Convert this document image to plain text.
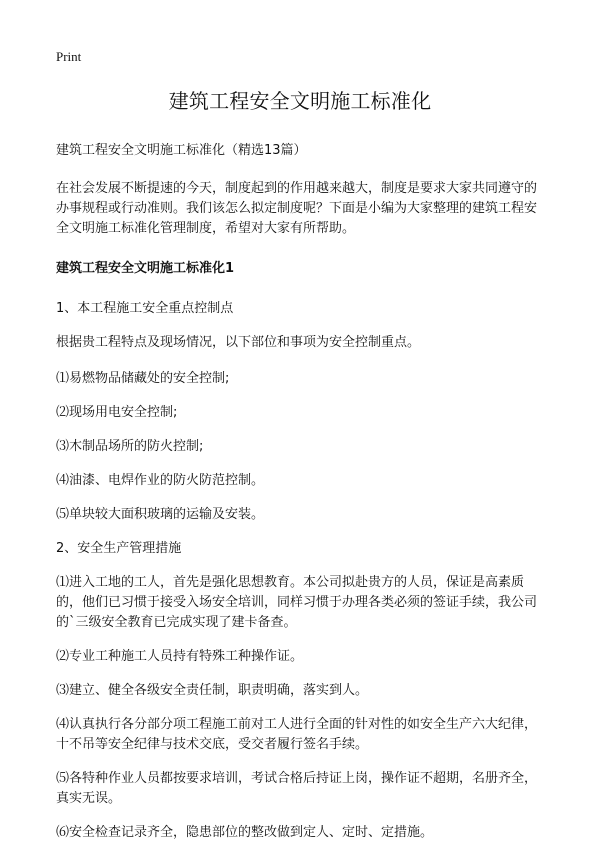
Print
建筑工程安全文明施工标准化

建筑工程安全文明施工标准化（精选13篇）

在社会发展不断提速的今天，制度起到的作用越来越大，制度是要求大家共同遵守的办事规程或行动准则。我们该怎么拟定制度呢？下面是小编为大家整理的建筑工程安全文明施工标准化管理制度，希望对大家有所帮助。

建筑工程安全文明施工标准化1

1、本工程施工安全重点控制点

根据贵工程特点及现场情况，以下部位和事项为安全控制重点。

⑴易燃物品储藏处的安全控制;

⑵现场用电安全控制;

⑶木制品场所的防火控制;

⑷油漆、电焊作业的防火防范控制。

⑸单块较大面积玻璃的运输及安装。

2、安全生产管理措施

⑴进入工地的工人，首先是强化思想教育。本公司拟赴贵方的人员，保证是高素质的，他们已习惯于接受入场安全培训，同样习惯于办理各类必须的签证手续，我公司的`三级安全教育已完成实现了建卡备查。

⑵专业工种施工人员持有特殊工种操作证。

⑶建立、健全各级安全责任制，职责明确，落实到人。

⑷认真执行各分部分项工程施工前对工人进行全面的针对性的如安全生产六大纪律，十不吊等安全纪律与技术交底，受交者履行签名手续。

⑸各特种作业人员都按要求培训，考试合格后持证上岗，操作证不超期，名册齐全，真实无误。

⑹安全检查记录齐全，隐患部位的整改做到定人、定时、定措施。
